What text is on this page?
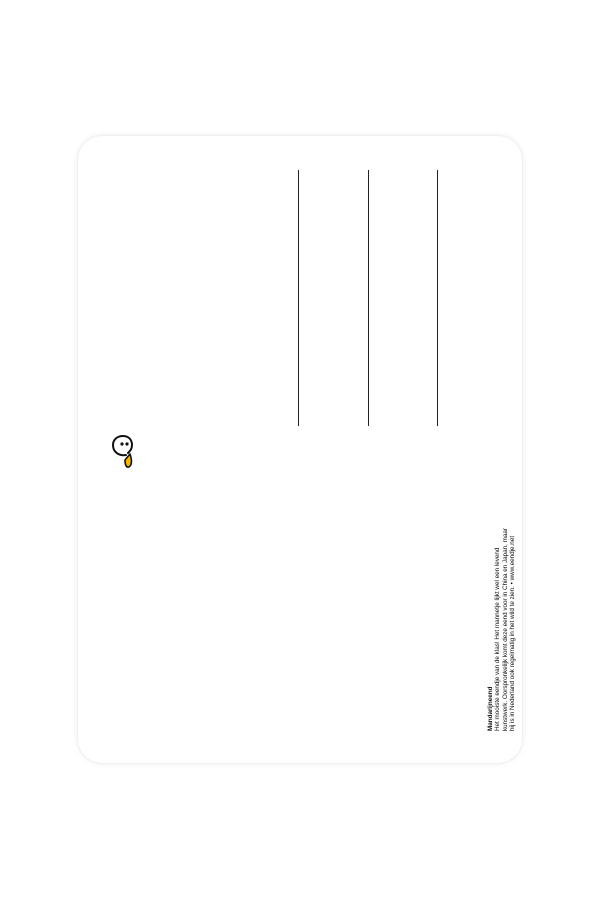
Mandarijneend Het mooiste eendje van de klas! Het mannetje lijkt wel een levend kunstwerk. Oorspronkelijk komt deze eend voor in China en Japan, maar hij is in Nederland ook regelmatig in het wild te zien. • www.eendje.net
